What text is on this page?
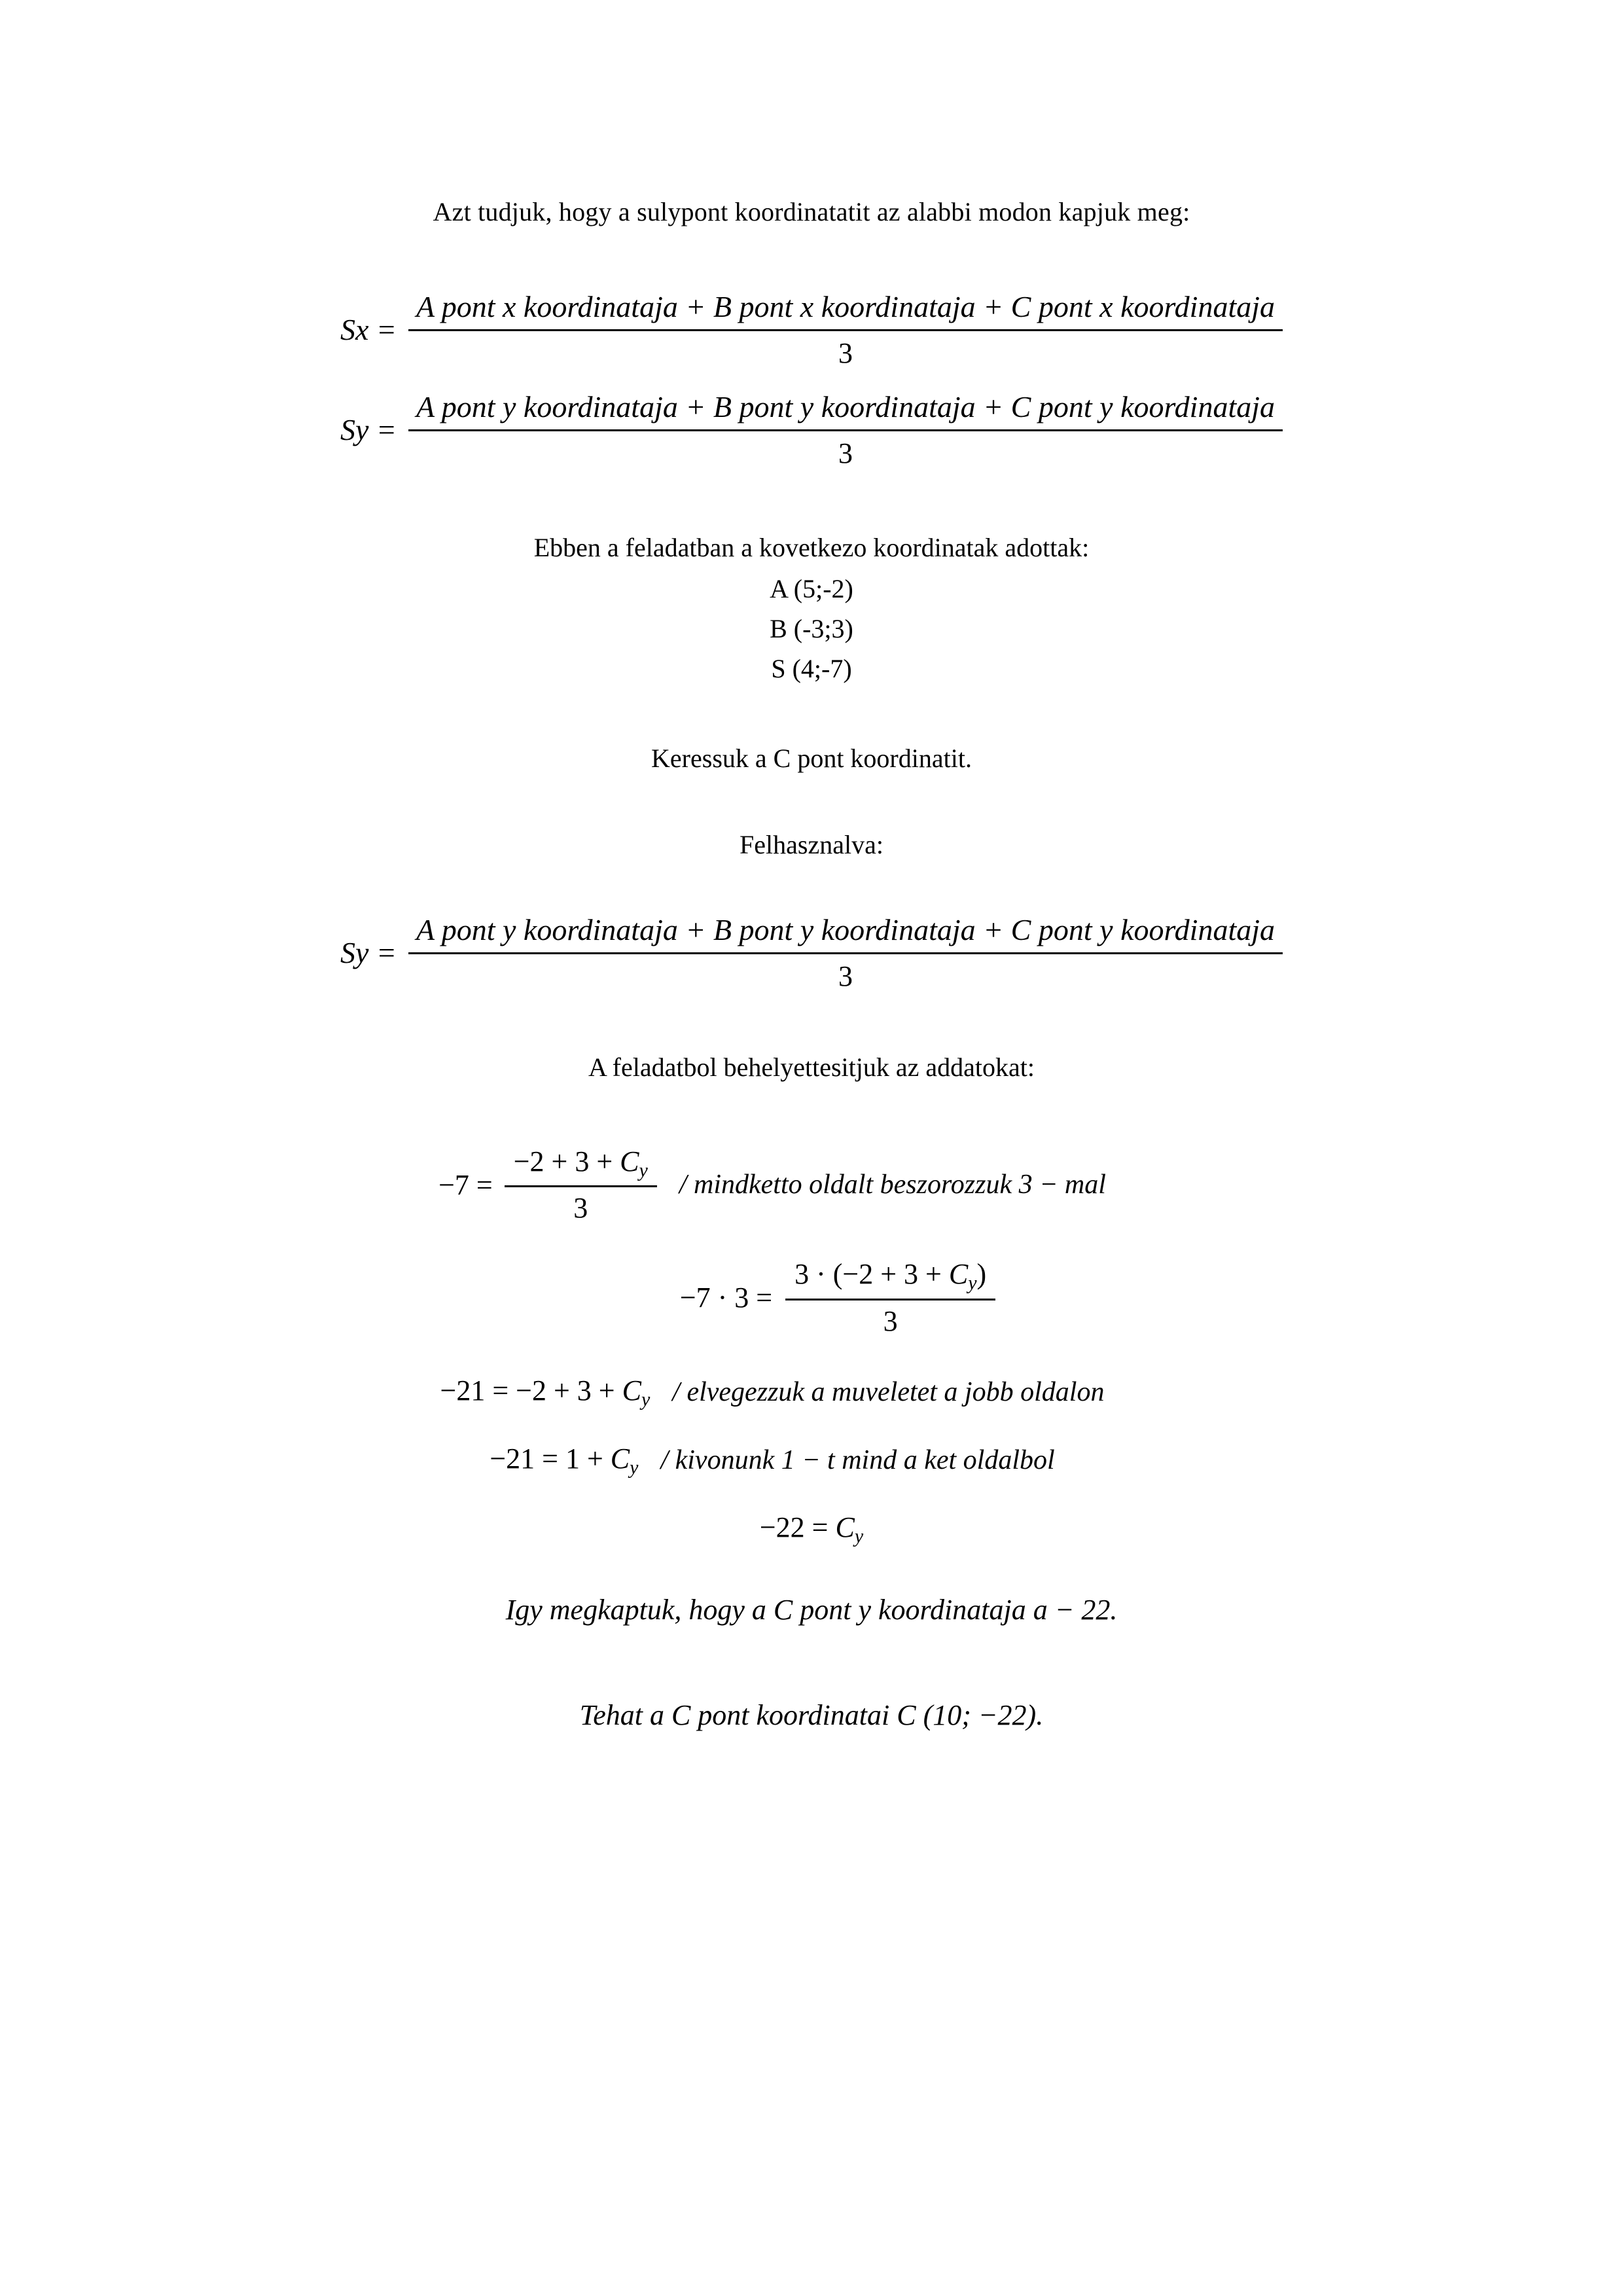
Azt tudjuk, hogy a sulypont koordinatatit az alabbi modon kapjuk meg:
Sx =
A pont x koordinataja + B pont x koordinataja + C pont x koordinataja
3
Sy =
A pont y koordinataja + B pont y koordinataja + C pont y koordinataja
3
Ebben a feladatban a kovetkezo koordinatak adottak:
A (5;-2)
B (-3;3)
S (4;-7)
Keressuk a C pont koordinatit.
Felhasznalva:
Sy =
A pont y koordinataja + B pont y koordinataja + C pont y koordinataja
3
A feladatbol behelyettesitjuk az addatokat:
$-7 = \frac{-2 + 3 + C_y}{3}$ / mindketto oldalt beszorozzuk 3 − mal
$-7 \cdot 3 = \frac{3 \cdot (-2 + 3 + C_y)}{3}$
$-21 = -2 + 3 + C_y$ / elvegezzuk a muveletet a jobb oldalon
$-21 = 1 + C_y$ / kivonunk 1 − t mind a ket oldalbol
$-22 = C_y$
Igy megkaptuk, hogy a C pont y koordinataja a − 22.
Tehat a C pont koordinatai C (10; −22).
